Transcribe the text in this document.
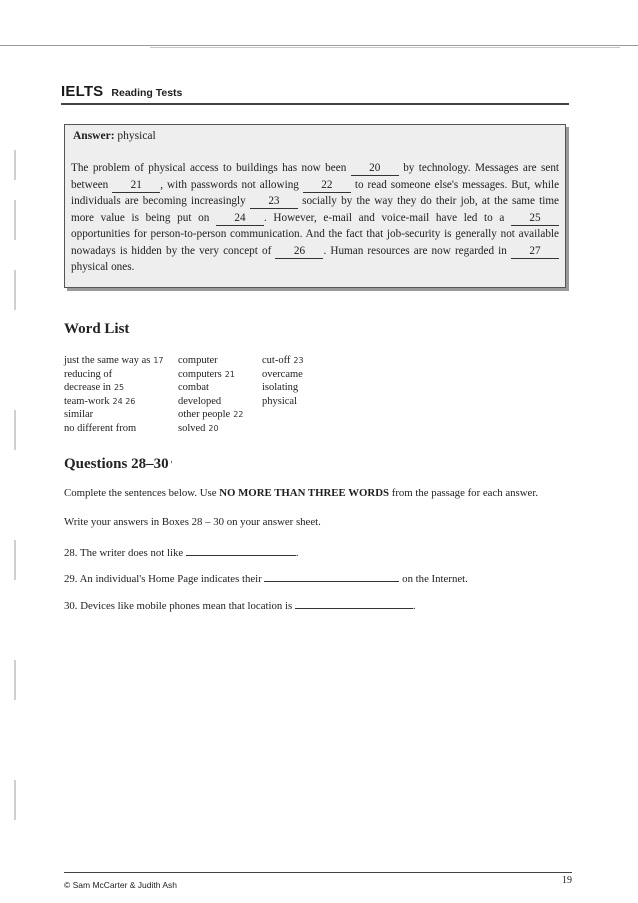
IELTS Reading Tests
Answer: physical
The problem of physical access to buildings has now been 20 by technology. Messages are sent between 21 , with passwords not allowing 22 to read someone else's messages. But, while individuals are becoming increasingly 23 socially by the way they do their job, at the same time more value is being put on 24 . However, e-mail and voice-mail have led to a 25 opportunities for person-to-person communication. And the fact that job-security is generally not available nowadays is hidden by the very concept of 26 . Human resources are now regarded in 27 physical ones.
Word List
just the same way as 17
reducing of
decrease in 25
team-work 24 26
similar
no different from
computer
computers 21
combat
developed
other people 22
solved 20
cut-off 23
overcame
isolating
physical
Questions 28–30 '
Complete the sentences below. Use NO MORE THAN THREE WORDS from the passage for each answer.
Write your answers in Boxes 28 – 30 on your answer sheet.
28. The writer does not like	.
29. An individual's Home Page indicates their	on the Internet.
30. Devices like mobile phones mean that location is	.
© Sam McCarter & Judith Ash	19
